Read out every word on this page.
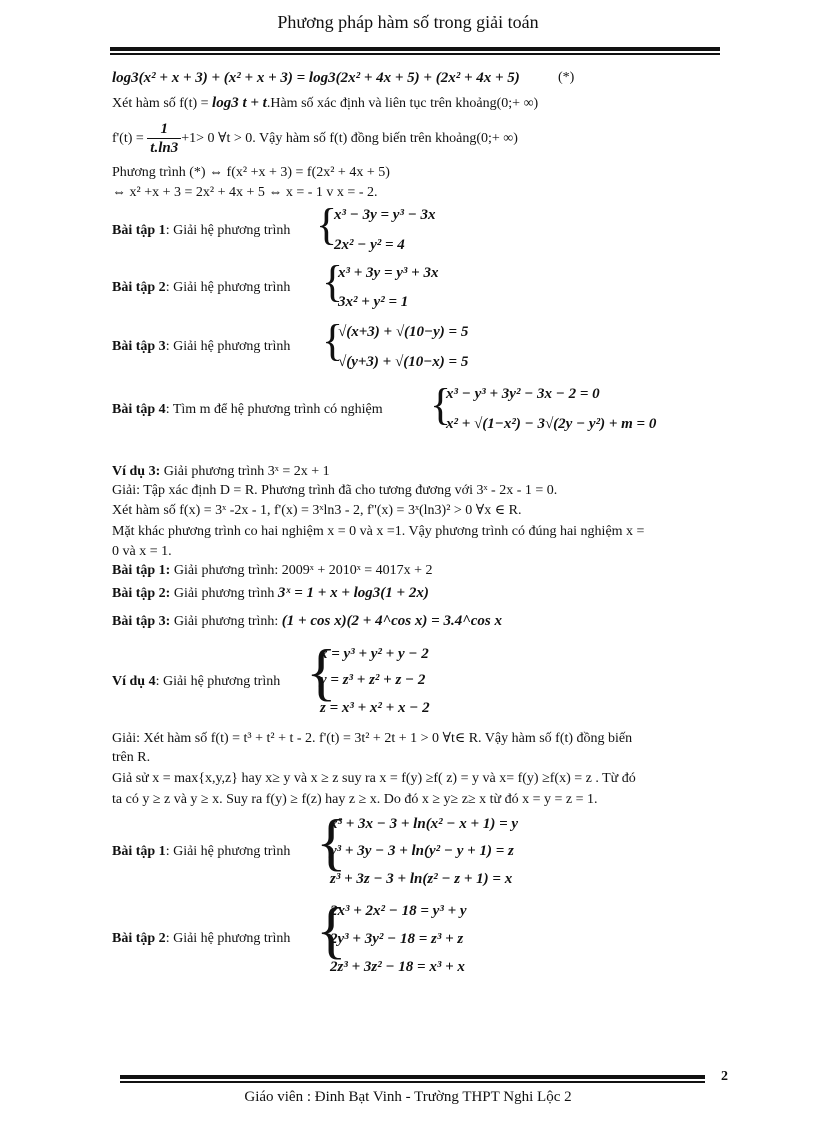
Phương pháp hàm số trong giải toán
log3(x² + x + 3) + (x² + x + 3) = log3(2x² + 4x + 5) + (2x² + 4x + 5)	(*)
Xét hàm số f(t) = log3 t + t.Hàm số xác định và liên tục trên khoảng(0;+ ∞)
$f'(t) = \frac{1}{t.\ln 3} +1> 0$ ∀t > 0. Vậy hàm số f(t) đồng biến trên khoảng(0;+ ∞)
Phương trình (*) ⇔ f(x² +x + 3) = f(2x² + 4x + 5)
⇔ x² +x + 3 = 2x² + 4x + 5 ⇔ x = - 1 v x = - 2.
Bài tập 1: Giải hệ phương trình {
x³ − 3y = y³ − 3x
2x² − y² = 4
Bài tập 2: Giải hệ phương trình {
x³ + 3y = y³ + 3x
3x² + y² = 1
Bài tập 3: Giải hệ phương trình {
√(x+3) + √(10−y) = 5
√(y+3) + √(10−x) = 5
Bài tập 4: Tìm m để hệ phương trình có nghiệm {
x³ − y³ + 3y² − 3x − 2 = 0
x² + √(1−x²) − 3√(2y − y²) + m = 0
Ví dụ 3: Giải phương trình 3ˣ = 2x + 1
Giải: Tập xác định D = R. Phương trình đã cho tương đương với 3ˣ - 2x - 1 = 0.
Xét hàm số f(x) = 3ˣ -2x - 1, f'(x) = 3ˣln3 - 2, f''(x) = 3ˣ(ln3)² > 0 ∀x ∈ R.
Mặt khác phương trình co hai nghiệm x = 0 và x =1. Vậy phương trình có đúng hai nghiệm x =
0 và x = 1.
Bài tập 1: Giải phương trình: 2009ˣ + 2010ˣ = 4017x + 2
Bài tập 2: Giải phương trình 3ˣ = 1 + x + log3(1 + 2x)
Bài tập 3: Giải phương trình: (1 + cos x)(2 + 4^cos x) = 3.4^cos x
Ví dụ 4: Giải hệ phương trình {
x = y³ + y² + y − 2
y = z³ + z² + z − 2
z = x³ + x² + x − 2
Giải: Xét hàm số f(t) = t³ + t² + t - 2. f'(t) = 3t² + 2t + 1 > 0 ∀t∈ R. Vậy hàm số f(t) đồng biến
trên R.
Giả sử x = max{x,y,z} hay x≥ y và x ≥ z suy ra x = f(y) ≥f( z) = y và x= f(y) ≥f(x) = z . Từ đó
ta có y ≥ z và y ≥ x. Suy ra f(y) ≥ f(z) hay z ≥ x. Do đó x ≥ y≥ z≥ x từ đó x = y = z = 1.
Bài tập 1: Giải hệ phương trình {
x³ + 3x − 3 + ln(x² − x + 1) = y
y³ + 3y − 3 + ln(y² − y + 1) = z
z³ + 3z − 3 + ln(z² − z + 1) = x
Bài tập 2: Giải hệ phương trình {
2x³ + 2x² − 18 = y³ + y
2y³ + 3y² − 18 = z³ + z
2z³ + 3z² − 18 = x³ + x
2
Giáo viên : Đinh Bạt Vinh - Trường THPT Nghi Lộc 2
